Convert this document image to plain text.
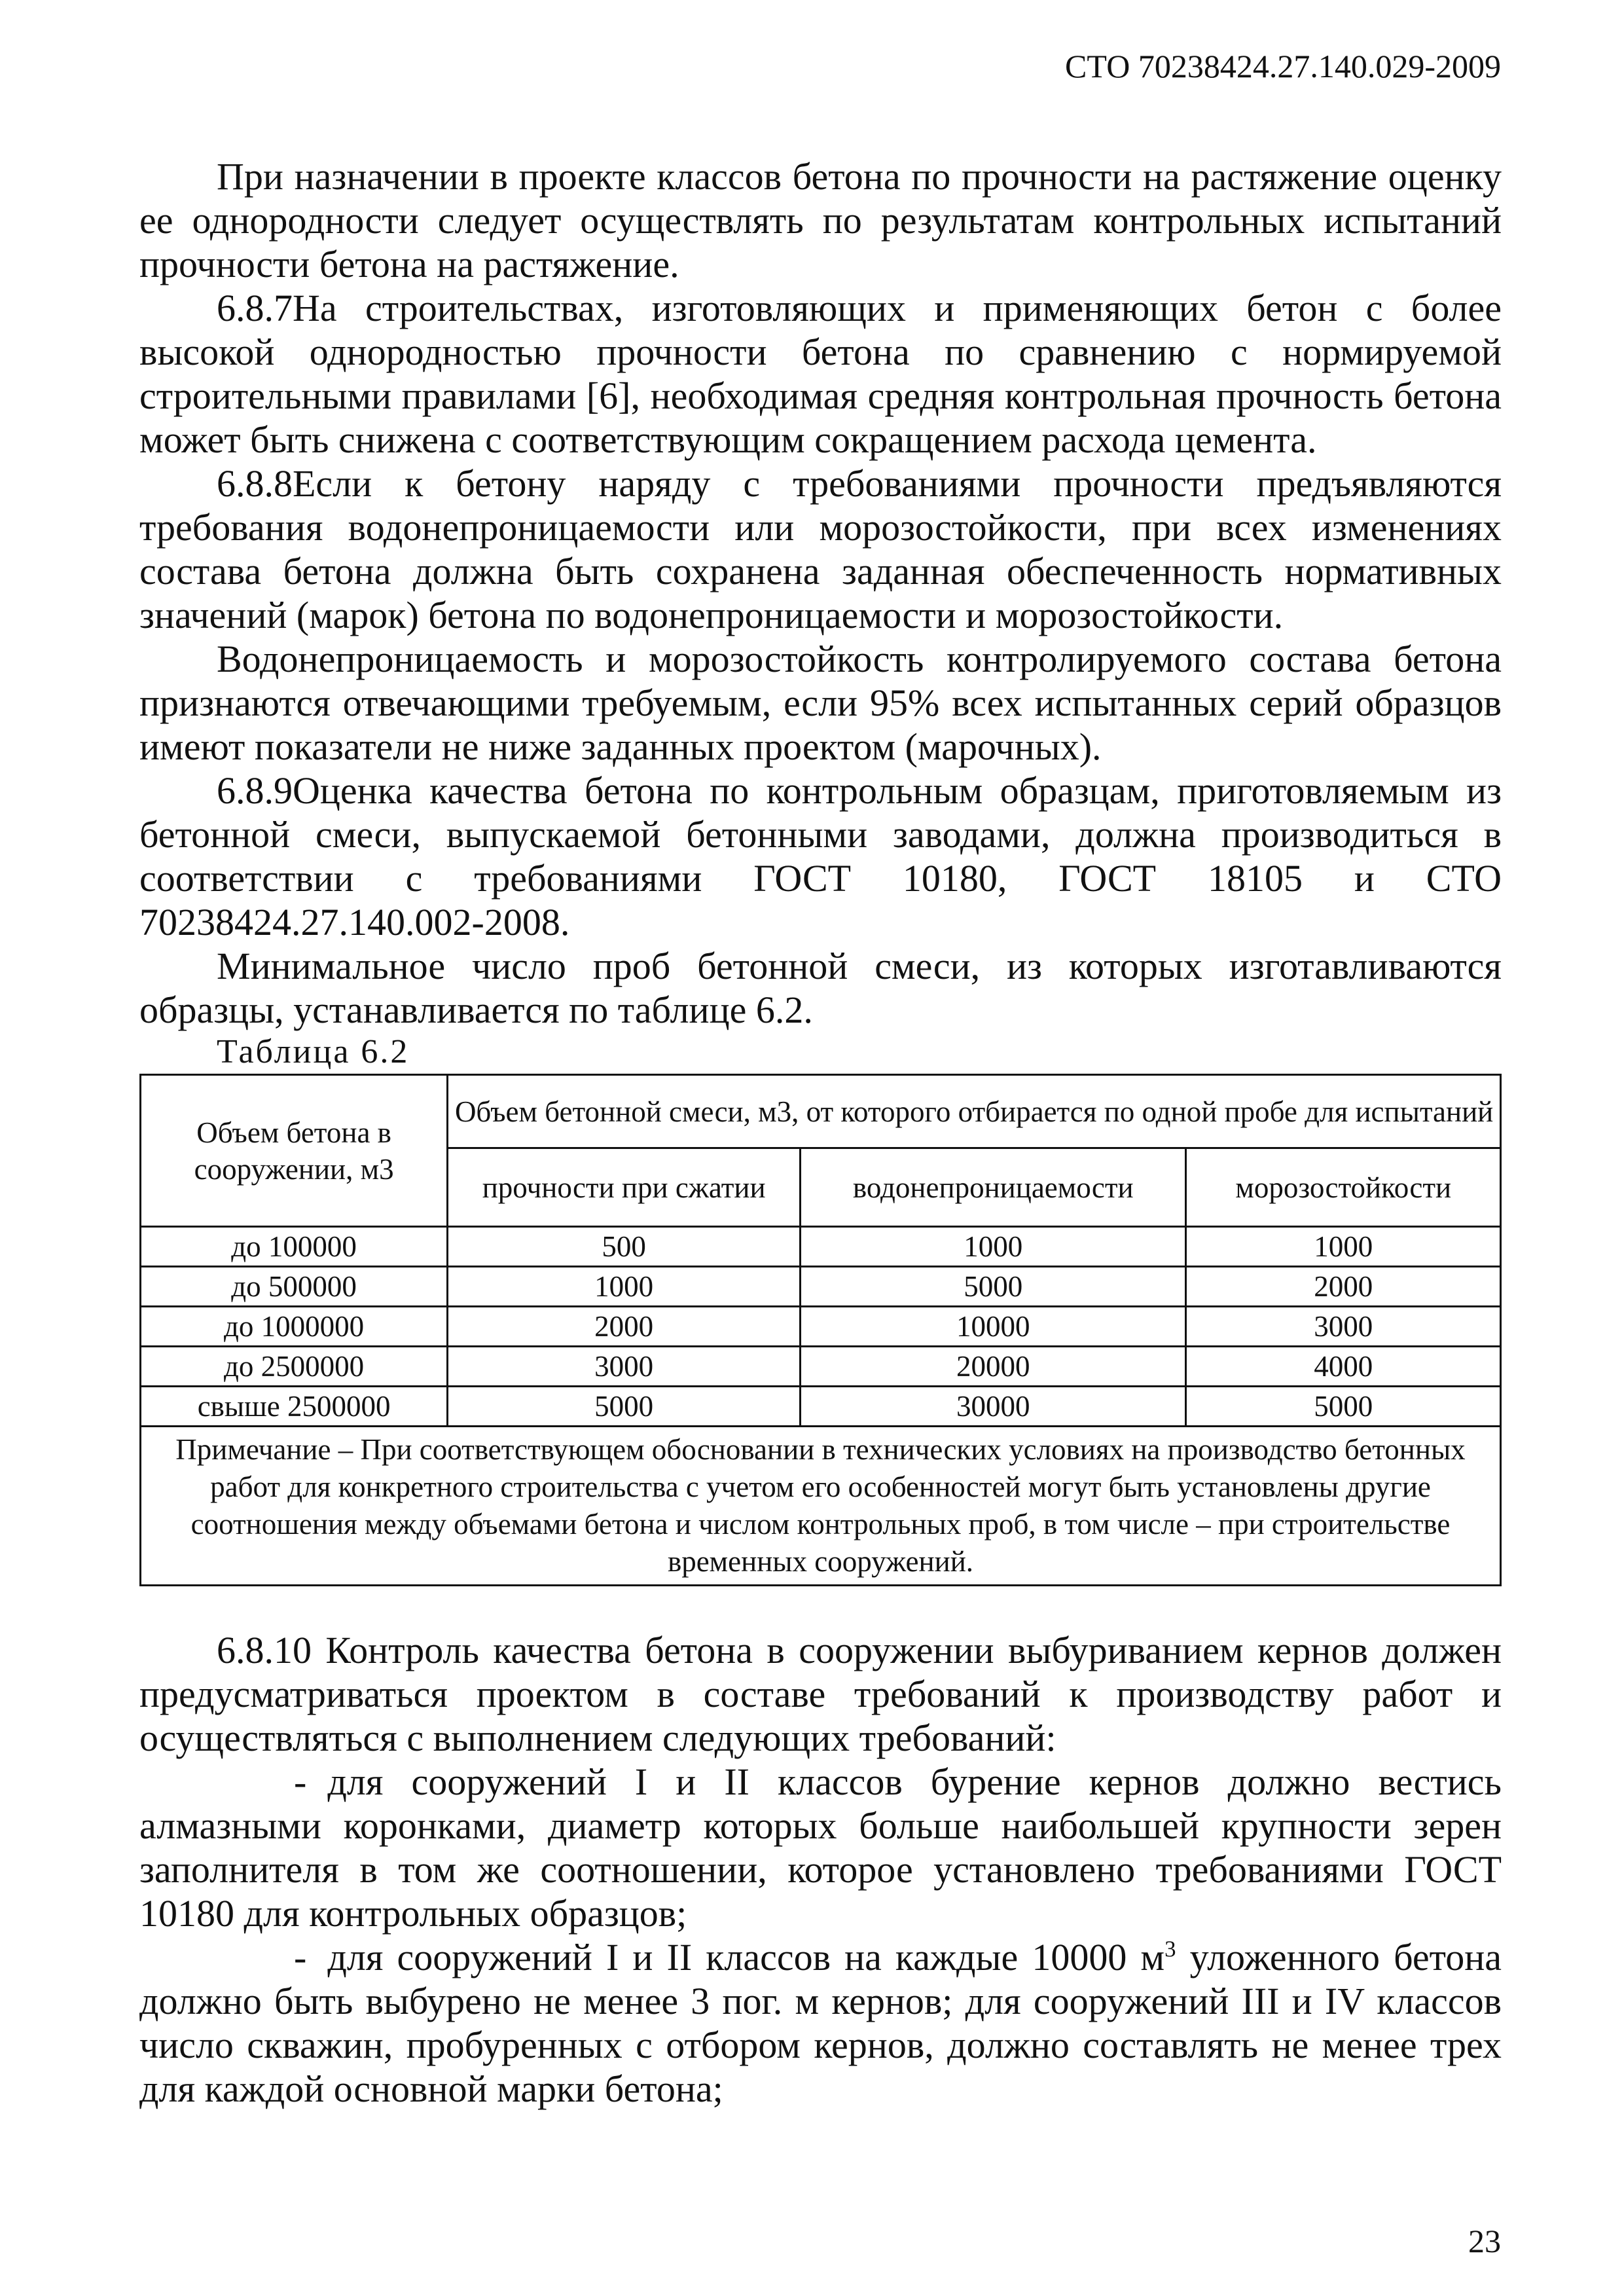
СТО 70238424.27.140.029-2009

При назначении в проекте классов бетона по прочности на растяжение оценку ее однородности следует осуществлять по результатам контрольных испытаний прочности бетона на растяжение.

6.8.7На строительствах, изготовляющих и применяющих бетон с более высокой однородностью прочности бетона по сравнению с нормируемой строительными правилами [6], необходимая средняя контрольная прочность бетона может быть снижена с соответствующим сокращением расхода цемента.

6.8.8Если к бетону наряду с требованиями прочности предъявляются требования водонепроницаемости или морозостойкости, при всех изменениях состава бетона должна быть сохранена заданная обеспеченность нормативных значений (марок) бетона по водонепроницаемости и морозостойкости.

Водонепроницаемость и морозостойкость контролируемого состава бетона признаются отвечающими требуемым, если 95% всех испытанных серий образцов имеют показатели не ниже заданных проектом (марочных).

6.8.9Оценка качества бетона по контрольным образцам, приготовляемым из бетонной смеси, выпускаемой бетонными заводами, должна производиться в соответствии с требованиями ГОСТ 10180, ГОСТ 18105 и СТО 70238424.27.140.002-2008.

Минимальное число проб бетонной смеси, из которых изготавливаются образцы, устанавливается по таблице 6.2.

Таблица 6.2

Объем бетона в сооружении, м3	Объем бетонной смеси, м3, от которого отбирается по одной пробе для испытаний		
	прочности при сжатии	водонепроницаемости	морозостойкости
до 100000	500	1000	1000
до 500000	1000	5000	2000
до 1000000	2000	10000	3000
до 2500000	3000	20000	4000
свыше 2500000	5000	30000	5000
Примечание – При соответствующем обосновании в технических условиях на производство бетонных работ для конкретного строительства с учетом его особенностей могут быть установлены другие соотношения между объемами бетона и числом контрольных проб, в том числе – при строительстве временных сооружений.			

6.8.10 Контроль качества бетона в сооружении выбуриванием кернов должен предусматриваться проектом в составе требований к производству работ и осуществляться с выполнением следующих требований:

- для сооружений I и II классов бурение кернов должно вестись алмазными коронками, диаметр которых больше наибольшей крупности зерен заполнителя в том же соотношении, которое установлено требованиями ГОСТ 10180 для контрольных образцов;

- для сооружений I и II классов на каждые 10000 $м^3$ уложенного бетона должно быть выбурено не менее 3 пог. м кернов; для сооружений III и IV классов число скважин, пробуренных с отбором кернов, должно составлять не менее трех для каждой основной марки бетона;

23
